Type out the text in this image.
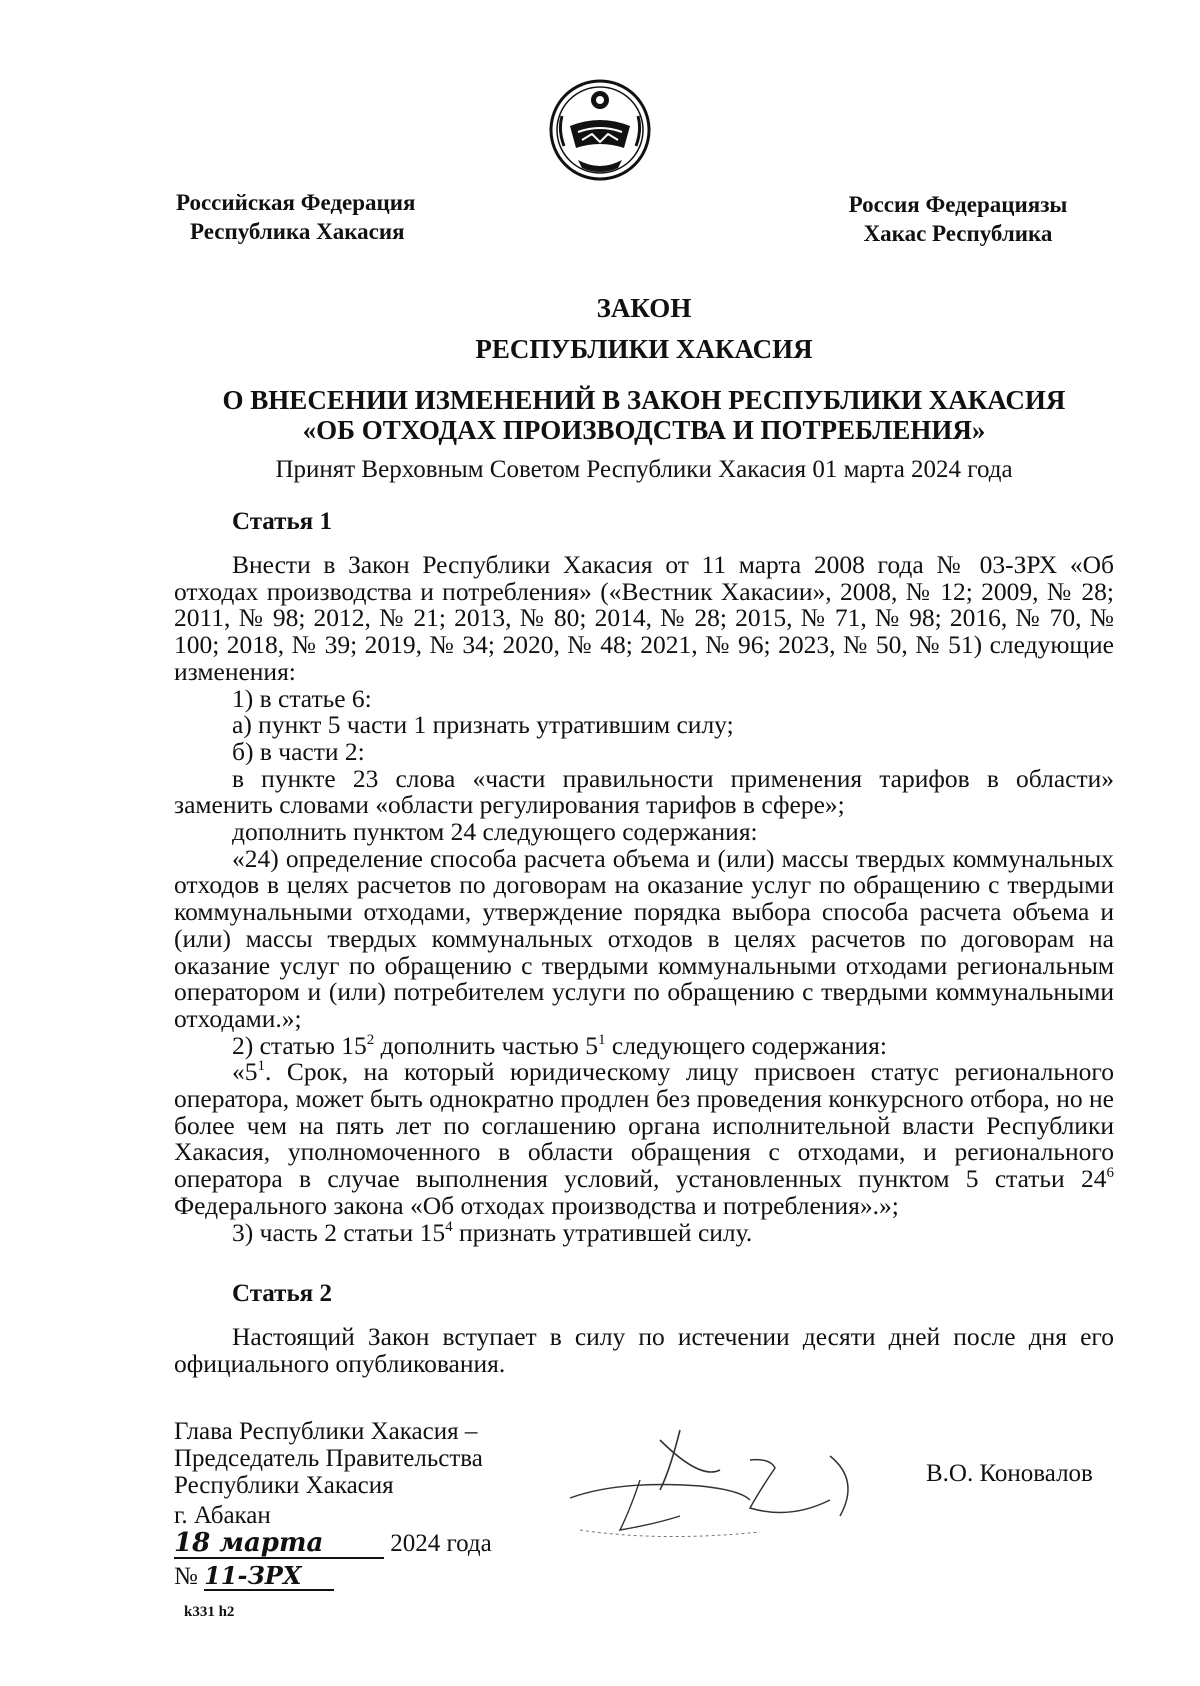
Российская Федерация
Республика Хакасия
Россия Федерациязы
Хакас Республика
ЗАКОН
РЕСПУБЛИКИ ХАКАСИЯ
О ВНЕСЕНИИ ИЗМЕНЕНИЙ В ЗАКОН РЕСПУБЛИКИ ХАКАСИЯ
«ОБ ОТХОДАХ ПРОИЗВОДСТВА И ПОТРЕБЛЕНИЯ»
Принят Верховным Советом Республики Хакасия 01 марта 2024 года
Статья 1

Внести в Закон Республики Хакасия от 11 марта 2008 года № 03-ЗРХ «Об отходах производства и потребления» («Вестник Хакасии», 2008, № 12; 2009, № 28; 2011, № 98; 2012, № 21; 2013, № 80; 2014, № 28; 2015, № 71, № 98; 2016, № 70, № 100; 2018, № 39; 2019, № 34; 2020, № 48; 2021, № 96; 2023, № 50, № 51) следующие изменения:

1) в статье 6:

а) пункт 5 части 1 признать утратившим силу;

б) в части 2:

в пункте 23 слова «части правильности применения тарифов в области» заменить словами «области регулирования тарифов в сфере»;

дополнить пунктом 24 следующего содержания:

«24) определение способа расчета объема и (или) массы твердых коммунальных отходов в целях расчетов по договорам на оказание услуг по обращению с твердыми коммунальными отходами, утверждение порядка выбора способа расчета объема и (или) массы твердых коммунальных отходов в целях расчетов по договорам на оказание услуг по обращению с твердыми коммунальными отходами региональным оператором и (или) потребителем услуги по обращению с твердыми коммунальными отходами.»;

2) статью $15^2$ дополнить частью $5^1$ следующего содержания:

«$5^1$. Срок, на который юридическому лицу присвоен статус регионального оператора, может быть однократно продлен без проведения конкурсного отбора, но не более чем на пять лет по соглашению органа исполнительной власти Республики Хакасия, уполномоченного в области обращения с отходами, и регионального оператора в случае выполнения условий, установленных пунктом 5 статьи $24^6$ Федерального закона «Об отходах производства и потребления».»;

3) часть 2 статьи $15^4$ признать утратившей силу.

Статья 2

Настоящий Закон вступает в силу по истечении десяти дней после дня его официального опубликования.

Глава Республики Хакасия –
Председатель Правительства
Республики Хакасия	В.О. Коновалов
г. Абакан
18 марта	2024 года
№ 11-ЗРХ
k331 h2
